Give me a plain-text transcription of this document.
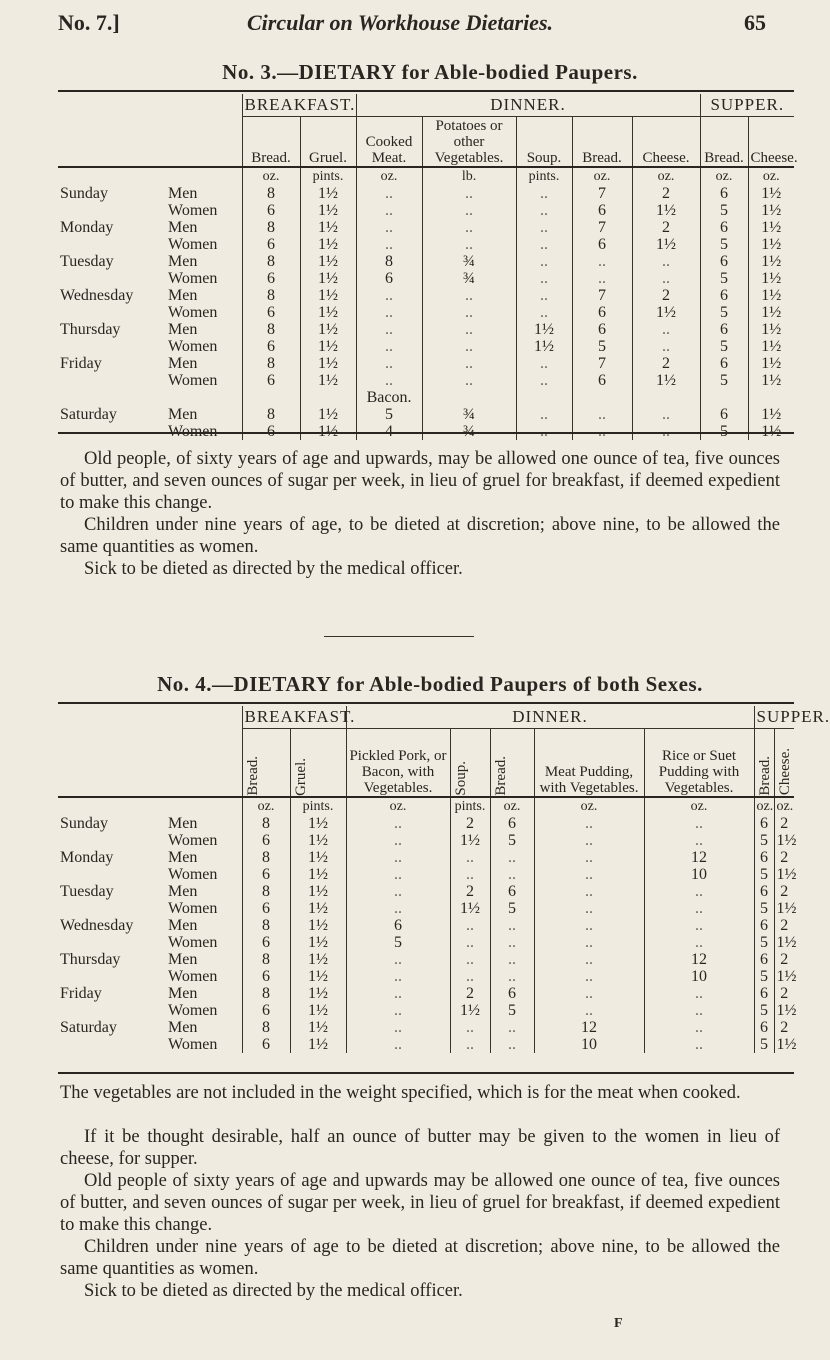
No. 7.]	Circular on Workhouse Dietaries.	65
No. 3.—DIETARY for Able-bodied Paupers.
		BREAKFAST.		DINNER.					SUPPER.	
		Bread.	Gruel.	Cooked Meat.	Potatoes or other Vegetables.	Soup.	Bread.	Cheese.	Bread.	Cheese.
		oz.	pints.	oz.	lb.	pints.	oz.	oz.	oz.	oz.
Sunday	Men	8	1½	..	..	..	7	2	6	1½
	Women	6	1½	..	..	..	6	1½	5	1½
Monday	Men	8	1½	..	..	..	7	2	6	1½
	Women	6	1½	..	..	..	6	1½	5	1½
Tuesday	Men	8	1½	8	¾	..	..	..	6	1½
	Women	6	1½	6	¾	..	..	..	5	1½
Wednesday	Men	8	1½	..	..	..	7	2	6	1½
	Women	6	1½	..	..	..	6	1½	5	1½
Thursday	Men	8	1½	..	..	1½	6	..	6	1½
	Women	6	1½	..	..	1½	5	..	5	1½
Friday	Men	8	1½	..	..	..	7	2	6	1½
	Women	6	1½	..	..	..	6	1½	5	1½
				Bacon.						
Saturday	Men	8	1½	5	¾	..	..	..	6	1½
	Women	6	1½	4	¾	..	..	..	5	1½

Old people, of sixty years of age and upwards, may be allowed one ounce of tea, five ounces of butter, and seven ounces of sugar per week, in lieu of gruel for breakfast, if deemed expedient to make this change.

Children under nine years of age, to be dieted at discretion; above nine, to be allowed the same quantities as women.

Sick to be dieted as directed by the medical officer.

No. 4.—DIETARY for Able-bodied Paupers of both Sexes.
		BREAKFAST.		DINNER.					SUPPER.	

		Bread.	Gruel.	Pickled Pork, or Bacon, with Vegetables.	Soup.	Bread.	Meat Pudding, with Vegetables.	Rice or Suet Pudding with Vegetables.	Bread.	Cheese.

		oz.	pints.	oz.	pints.	oz.	oz.	oz.	oz.	oz.
Sunday	Men	8	1½	..	2	6	..	..	6	2
	Women	6	1½	..	1½	5	..	..	5	1½
Monday	Men	8	1½	..	..	..	..	12	6	2
	Women	6	1½	..	..	..	..	10	5	1½
Tuesday	Men	8	1½	..	2	6	..	..	6	2
	Women	6	1½	..	1½	5	..	..	5	1½
Wednesday	Men	8	1½	6	..	..	..	..	6	2
	Women	6	1½	5	..	..	..	..	5	1½
Thursday	Men	8	1½	..	..	..	..	12	6	2
	Women	6	1½	..	..	..	..	10	5	1½
Friday	Men	8	1½	..	2	6	..	..	6	2
	Women	6	1½	..	1½	5	..	..	5	1½
Saturday	Men	8	1½	..	..	..	12	..	6	2
	Women	6	1½	..	..	..	10	..	5	1½

The vegetables are not included in the weight specified, which is for the meat when cooked.

If it be thought desirable, half an ounce of butter may be given to the women in lieu of cheese, for supper.

Old people of sixty years of age and upwards may be allowed one ounce of tea, five ounces of butter, and seven ounces of sugar per week, in lieu of gruel for breakfast, if deemed expedient to make this change.

Children under nine years of age to be dieted at discretion; above nine, to be allowed the same quantities as women.

Sick to be dieted as directed by the medical officer.

F
